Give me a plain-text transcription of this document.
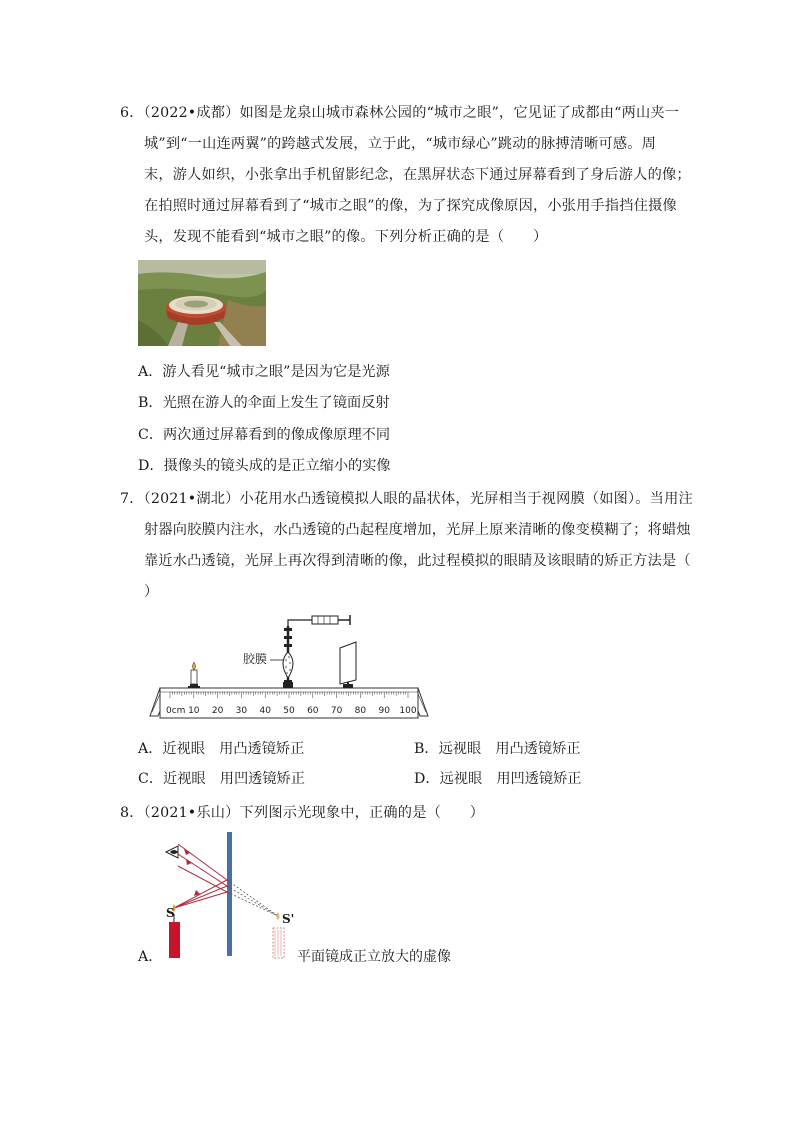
6．（2022•成都）如图是龙泉山城市森林公园的“城市之眼”，它见证了成都由“两山夹一
城”到“一山连两翼”的跨越式发展，立于此，“城市绿心”跳动的脉搏清晰可感。周
末，游人如织，小张拿出手机留影纪念，在黑屏状态下通过屏幕看到了身后游人的像；
在拍照时通过屏幕看到了“城市之眼”的像，为了探究成像原因，小张用手指挡住摄像
头，发现不能看到“城市之眼”的像。下列分析正确的是（　　）
A．游人看见“城市之眼”是因为它是光源
B．光照在游人的伞面上发生了镜面反射
C．两次通过屏幕看到的像成像原理不同
D．摄像头的镜头成的是正立缩小的实像
7．（2021•湖北）小花用水凸透镜模拟人眼的晶状体，光屏相当于视网膜（如图）。当用注
射器向胶膜内注水，水凸透镜的凸起程度增加，光屏上原来清晰的像变模糊了；将蜡烛
靠近水凸透镜，光屏上再次得到清晰的像，此过程模拟的眼睛及该眼睛的矫正方法是（
）
0cm 10 20 30 40 50 60 70 80 90 100
胶膜
A．近视眼　用凸透镜矫正	B．远视眼　用凸透镜矫正
C．近视眼　用凹透镜矫正	D．远视眼　用凹透镜矫正
8．（2021•乐山）下列图示光现象中，正确的是（　　）
S	S'
A．	平面镜成正立放大的虚像
